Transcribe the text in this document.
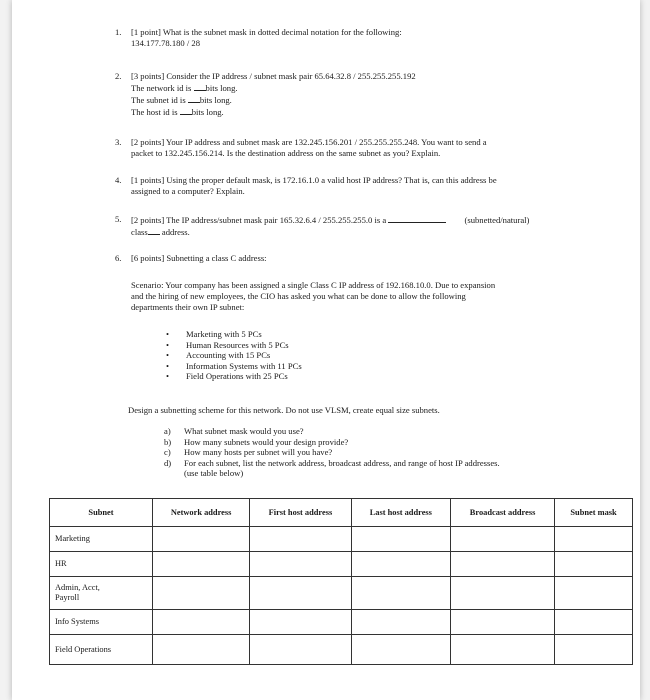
1. [1 point] What is the subnet mask in dotted decimal notation for the following:
134.177.78.180 / 28
2. [3 points] Consider the IP address / subnet mask pair 65.64.32.8 / 255.255.255.192
The network id is bits long.
The subnet id is bits long.
The host id is bits long.
3. [2 points] Your IP address and subnet mask are 132.245.156.201 / 255.255.255.248. You want to send a
packet to 132.245.156.214. Is the destination address on the same subnet as you? Explain.
4. [1 points] Using the proper default mask, is 172.16.1.0 a valid host IP address? That is, can this address be
assigned to a computer? Explain.
5. [2 points] The IP address/subnet mask pair 165.32.6.4 / 255.255.255.0 is a	(subnetted/natural)
class address.
6. [6 points] Subnetting a class C address:
Scenario: Your company has been assigned a single Class C IP address of 192.168.10.0. Due to expansion
and the hiring of new employees, the CIO has asked you what can be done to allow the following
departments their own IP subnet:
• Marketing with 5 PCs
• Human Resources with 5 PCs
• Accounting with 15 PCs
• Information Systems with 11 PCs
• Field Operations with 25 PCs
Design a subnetting scheme for this network. Do not use VLSM, create equal size subnets.
a) What subnet mask would you use?
b) How many subnets would your design provide?
c) How many hosts per subnet will you have?
d) For each subnet, list the network address, broadcast address, and range of host IP addresses.
(use table below)
Subnet	Network address	First host address	Last host address	Broadcast address	Subnet mask
Marketing					
HR					
Admin, Acct,
Payroll					
Info Systems					
Field Operations					
